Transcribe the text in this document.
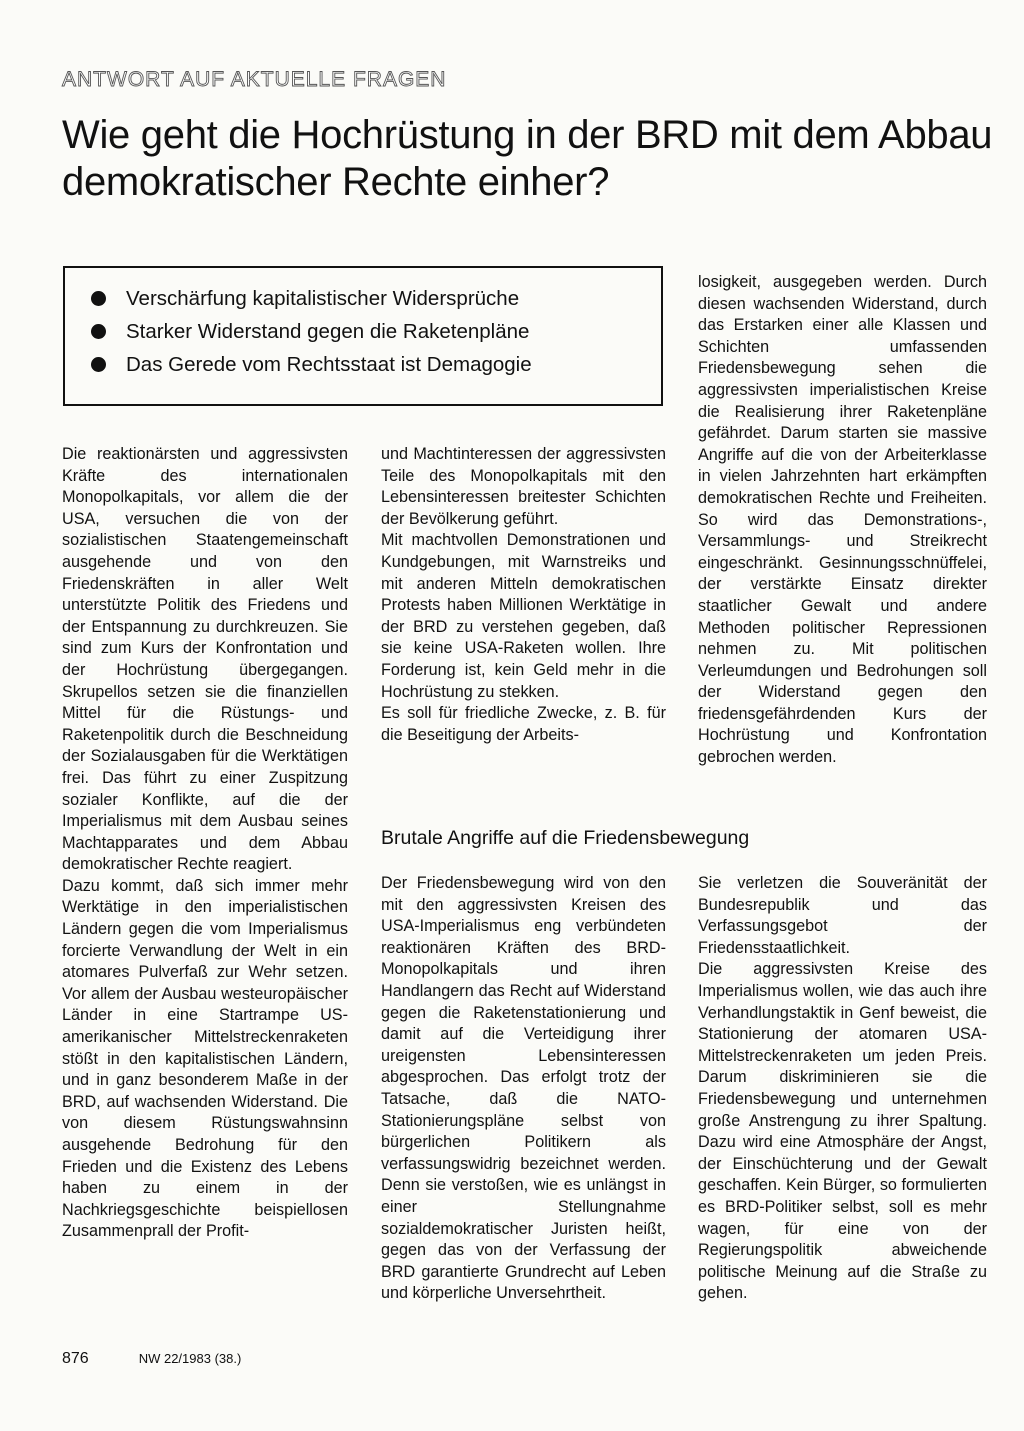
ANTWORT AUF AKTUELLE FRAGEN
Wie geht die Hochrüstung in der BRD mit dem Abbau demokratischer Rechte einher?
Verschärfung kapitalistischer Widersprüche
Starker Widerstand gegen die Raketenpläne
Das Gerede vom Rechtsstaat ist Demagogie

Die reaktionärsten und aggressivsten Kräfte des internationalen Monopolkapitals, vor allem die der USA, versuchen die von der sozialistischen Staatengemeinschaft ausgehende und von den Friedenskräften in aller Welt unterstützte Politik des Friedens und der Entspannung zu durchkreuzen. Sie sind zum Kurs der Konfrontation und der Hochrüstung übergegangen. Skrupellos setzen sie die finanziellen Mittel für die Rüstungs- und Raketenpolitik durch die Beschneidung der Sozialausgaben für die Werktätigen frei. Das führt zu einer Zuspitzung sozialer Konflikte, auf die der Imperialismus mit dem Ausbau seines Machtapparates und dem Abbau demokratischer Rechte reagiert.

Dazu kommt, daß sich immer mehr Werktätige in den imperialistischen Ländern gegen die vom Imperialismus forcierte Verwandlung der Welt in ein atomares Pulverfaß zur Wehr setzen. Vor allem der Ausbau westeuropäischer Länder in eine Startrampe US-amerikanischer Mittelstreckenraketen stößt in den kapitalistischen Ländern, und in ganz besonderem Maße in der BRD, auf wachsenden Widerstand. Die von diesem Rüstungswahnsinn ausgehende Bedrohung für den Frieden und die Existenz des Lebens haben zu einem in der Nachkriegsgeschichte beispiellosen Zusammenprall der Profit-

und Machtinteressen der aggressivsten Teile des Monopolkapitals mit den Lebensinteressen breitester Schichten der Bevölkerung geführt.

Mit machtvollen Demonstrationen und Kundgebungen, mit Warnstreiks und mit anderen Mitteln demokratischen Protests haben Millionen Werktätige in der BRD zu verstehen gegeben, daß sie keine USA-Raketen wollen. Ihre Forderung ist, kein Geld mehr in die Hochrüstung zu stekken.

Es soll für friedliche Zwecke, z. B. für die Beseitigung der Arbeits-

losigkeit, ausgegeben werden. Durch diesen wachsenden Widerstand, durch das Erstarken einer alle Klassen und Schichten umfassenden Friedensbewegung sehen die aggressivsten imperialistischen Kreise die Realisierung ihrer Raketenpläne gefährdet. Darum starten sie massive Angriffe auf die von der Arbeiterklasse in vielen Jahrzehnten hart erkämpften demokratischen Rechte und Freiheiten. So wird das Demonstrations-, Versammlungs- und Streikrecht eingeschränkt. Gesinnungsschnüffelei, der verstärkte Einsatz direkter staatlicher Gewalt und andere Methoden politischer Repressionen nehmen zu. Mit politischen Verleumdungen und Bedrohungen soll der Widerstand gegen den friedensgefährdenden Kurs der Hochrüstung und Konfrontation gebrochen werden.

Brutale Angriffe auf die Friedensbewegung

Der Friedensbewegung wird von den mit den aggressivsten Kreisen des USA-Imperialismus eng verbündeten reaktionären Kräften des BRD-Monopolkapitals und ihren Handlangern das Recht auf Widerstand gegen die Raketenstationierung und damit auf die Verteidigung ihrer ureigensten Lebensinteressen abgesprochen. Das erfolgt trotz der Tatsache, daß die NATO-Stationierungspläne selbst von bürgerlichen Politikern als verfassungswidrig bezeichnet werden. Denn sie verstoßen, wie es unlängst in einer Stellungnahme sozialdemokratischer Juristen heißt, gegen das von der Verfassung der BRD garantierte Grundrecht auf Leben und körperliche Unversehrtheit.

Sie verletzen die Souveränität der Bundesrepublik und das Verfassungsgebot der Friedensstaatlichkeit.

Die aggressivsten Kreise des Imperialismus wollen, wie das auch ihre Verhandlungstaktik in Genf beweist, die Stationierung der atomaren USA-Mittelstreckenraketen um jeden Preis. Darum diskriminieren sie die Friedensbewegung und unternehmen große Anstrengung zu ihrer Spaltung. Dazu wird eine Atmosphäre der Angst, der Einschüchterung und der Gewalt geschaffen. Kein Bürger, so formulierten es BRD-Politiker selbst, soll es mehr wagen, für eine von der Regierungspolitik abweichende politische Meinung auf die Straße zu gehen.

876	NW 22/1983 (38.)
